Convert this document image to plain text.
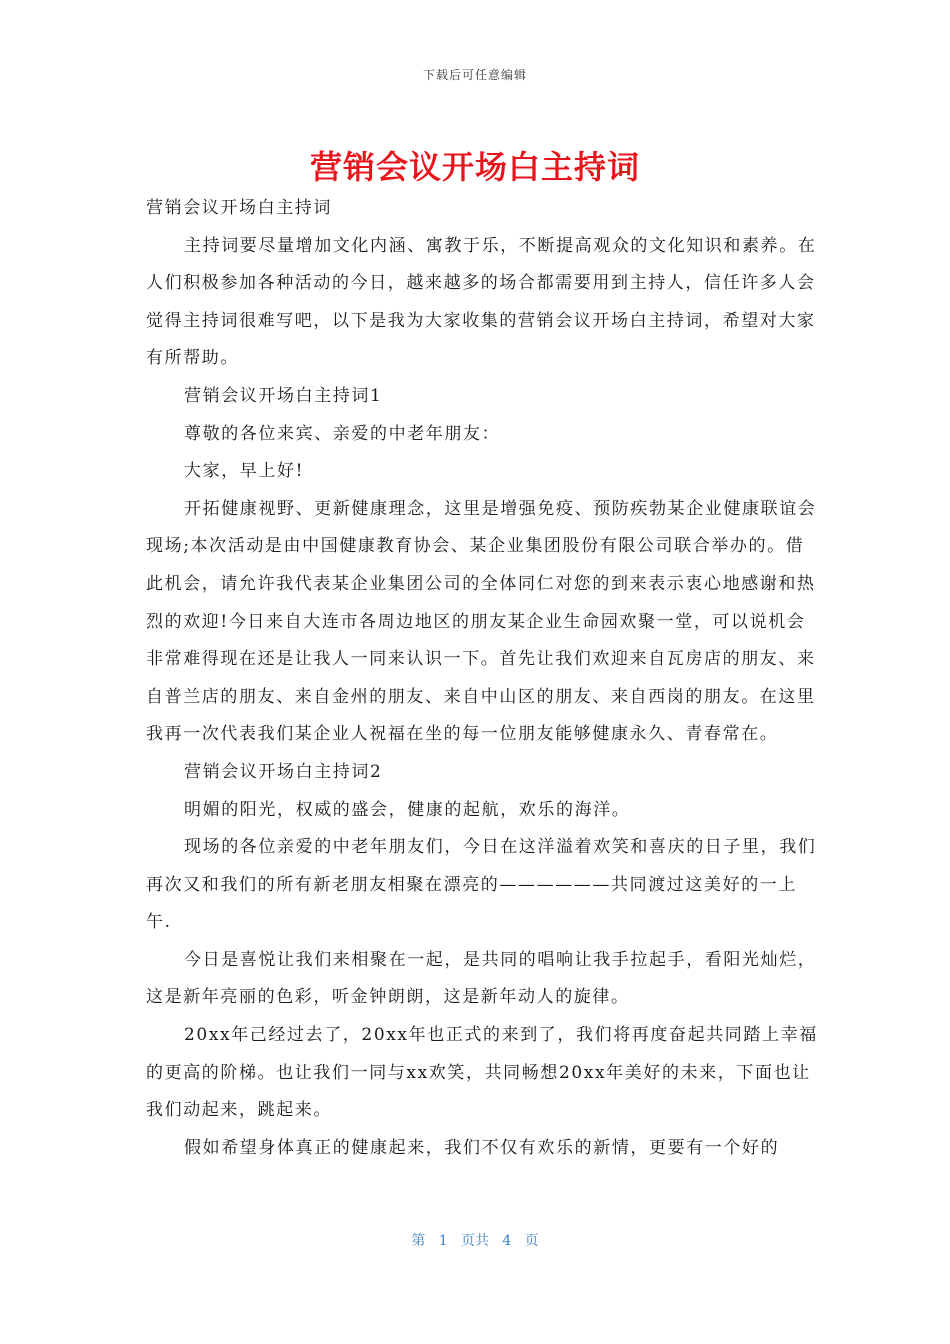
下载后可任意编辑
营销会议开场白主持词

营销会议开场白主持词

主持词要尽量增加文化内涵、寓教于乐，不断提高观众的文化知识和素养。在人们积极参加各种活动的今日，越来越多的场合都需要用到主持人，信任许多人会觉得主持词很难写吧，以下是我为大家收集的营销会议开场白主持词，希望对大家有所帮助。

营销会议开场白主持词1

尊敬的各位来宾、亲爱的中老年朋友：

大家，早上好!

开拓健康视野、更新健康理念，这里是增强免疫、预防疾勃某企业健康联谊会现场;本次活动是由中国健康教育协会、某企业集团股份有限公司联合举办的。借此机会，请允许我代表某企业集团公司的全体同仁对您的到来表示衷心地感谢和热烈的欢迎!今日来自大连市各周边地区的朋友某企业生命园欢聚一堂，可以说机会非常难得现在还是让我人一同来认识一下。首先让我们欢迎来自瓦房店的朋友、来自普兰店的朋友、来自金州的朋友、来自中山区的朋友、来自西岗的朋友。在这里我再一次代表我们某企业人祝福在坐的每一位朋友能够健康永久、青春常在。

营销会议开场白主持词2

明媚的阳光，权威的盛会，健康的起航，欢乐的海洋。

现场的各位亲爱的中老年朋友们，今日在这洋溢着欢笑和喜庆的日子里，我们再次又和我们的所有新老朋友相聚在漂亮的——————共同渡过这美好的一上午.

今日是喜悦让我们来相聚在一起，是共同的唱响让我手拉起手，看阳光灿烂，这是新年亮丽的色彩，听金钟朗朗，这是新年动人的旋律。

20xx年己经过去了，20xx年也正式的来到了，我们将再度奋起共同踏上幸福的更高的阶梯。也让我们一同与xx欢笑，共同畅想20xx年美好的未来，下面也让我们动起来，跳起来。

假如希望身体真正的健康起来，我们不仅有欢乐的新情，更要有一个好的

第 1 页共 4 页
